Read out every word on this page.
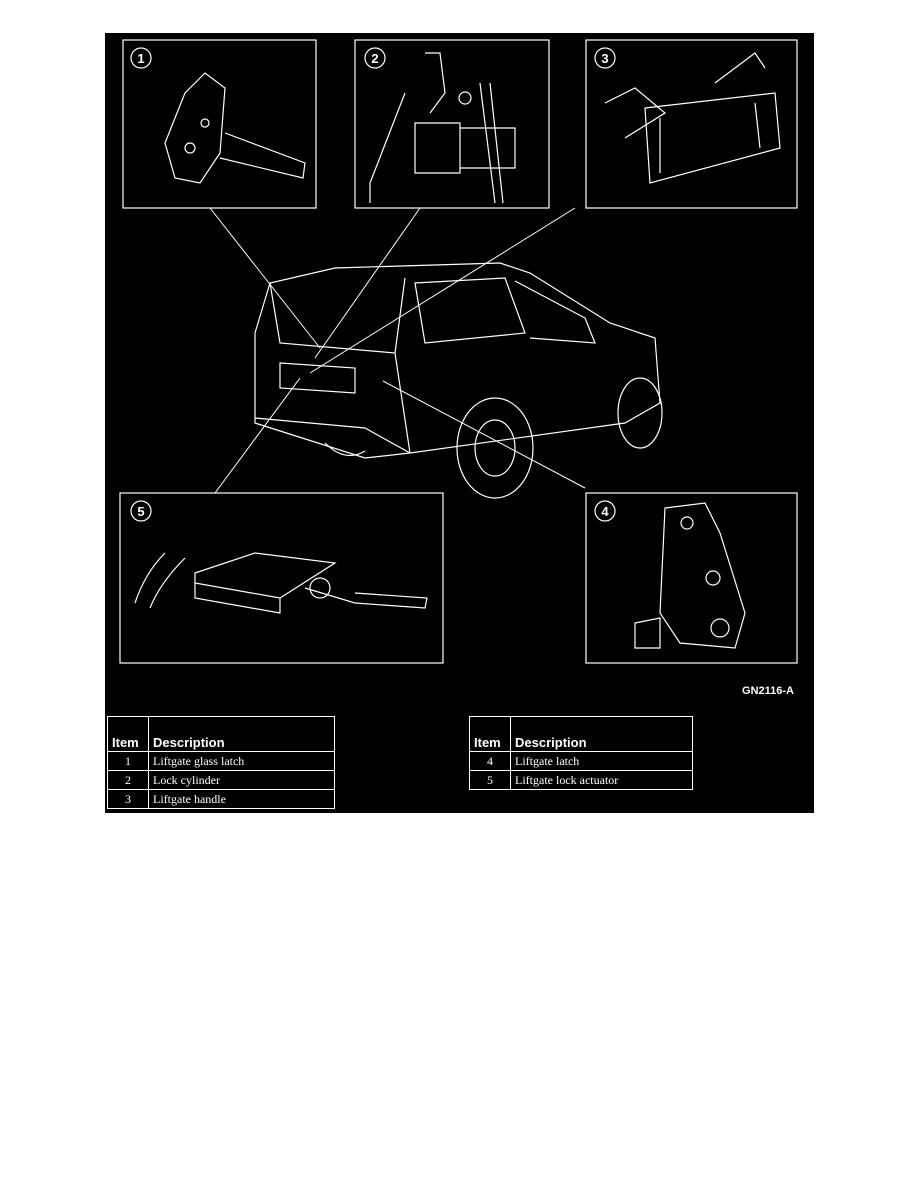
1	2	3
5	4
GN2116-A
Item	Description
1	Liftgate glass latch
2	Lock cylinder
3	Liftgate handle
Item	Description
4	Liftgate latch
5	Liftgate lock actuator
